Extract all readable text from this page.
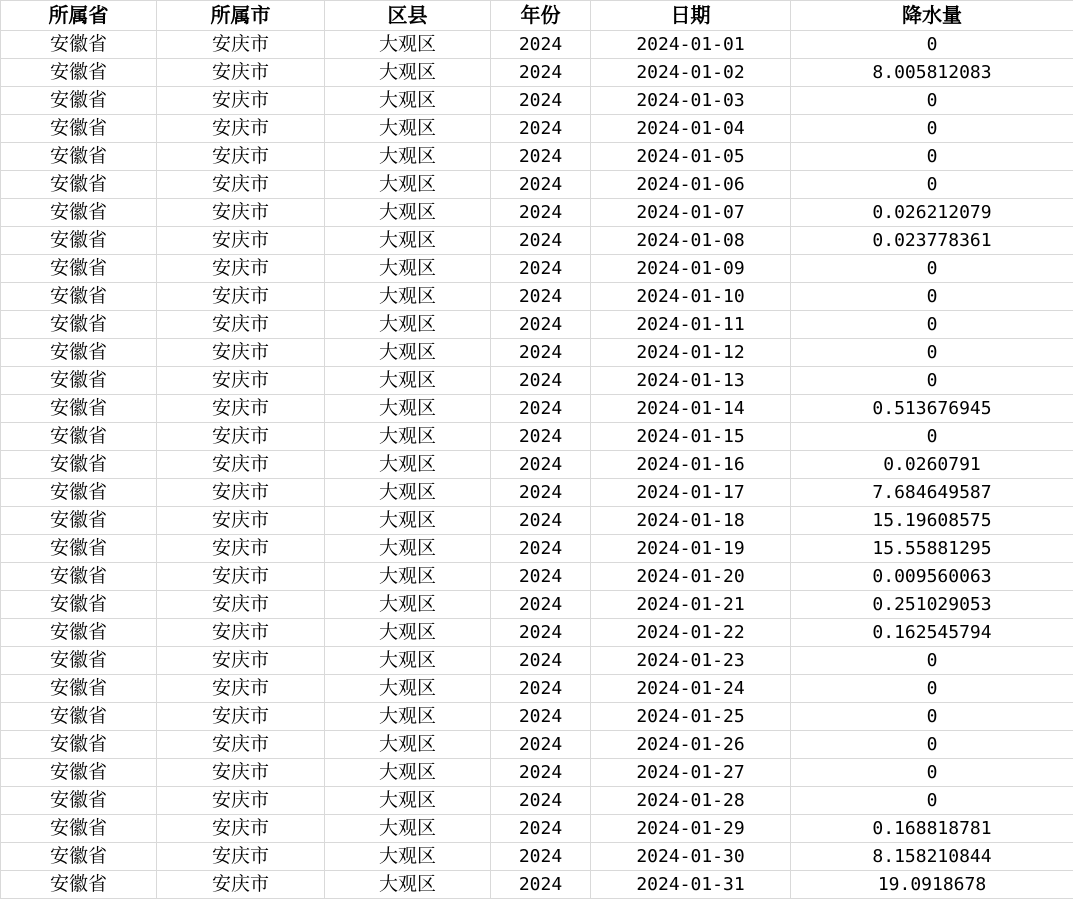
所属省	所属市	区县	年份	日期	降水量
安徽省	安庆市	大观区	2024	2024-01-01	0
安徽省	安庆市	大观区	2024	2024-01-02	8.005812083
安徽省	安庆市	大观区	2024	2024-01-03	0
安徽省	安庆市	大观区	2024	2024-01-04	0
安徽省	安庆市	大观区	2024	2024-01-05	0
安徽省	安庆市	大观区	2024	2024-01-06	0
安徽省	安庆市	大观区	2024	2024-01-07	0.026212079
安徽省	安庆市	大观区	2024	2024-01-08	0.023778361
安徽省	安庆市	大观区	2024	2024-01-09	0
安徽省	安庆市	大观区	2024	2024-01-10	0
安徽省	安庆市	大观区	2024	2024-01-11	0
安徽省	安庆市	大观区	2024	2024-01-12	0
安徽省	安庆市	大观区	2024	2024-01-13	0
安徽省	安庆市	大观区	2024	2024-01-14	0.513676945
安徽省	安庆市	大观区	2024	2024-01-15	0
安徽省	安庆市	大观区	2024	2024-01-16	0.0260791
安徽省	安庆市	大观区	2024	2024-01-17	7.684649587
安徽省	安庆市	大观区	2024	2024-01-18	15.19608575
安徽省	安庆市	大观区	2024	2024-01-19	15.55881295
安徽省	安庆市	大观区	2024	2024-01-20	0.009560063
安徽省	安庆市	大观区	2024	2024-01-21	0.251029053
安徽省	安庆市	大观区	2024	2024-01-22	0.162545794
安徽省	安庆市	大观区	2024	2024-01-23	0
安徽省	安庆市	大观区	2024	2024-01-24	0
安徽省	安庆市	大观区	2024	2024-01-25	0
安徽省	安庆市	大观区	2024	2024-01-26	0
安徽省	安庆市	大观区	2024	2024-01-27	0
安徽省	安庆市	大观区	2024	2024-01-28	0
安徽省	安庆市	大观区	2024	2024-01-29	0.168818781
安徽省	安庆市	大观区	2024	2024-01-30	8.158210844
安徽省	安庆市	大观区	2024	2024-01-31	19.0918678
